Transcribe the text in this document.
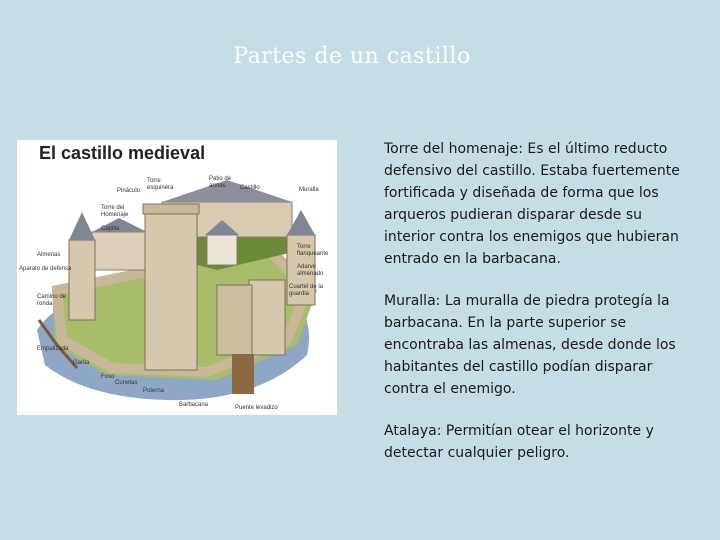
Partes de un castillo
El castillo medieval
Torre esquinera
Patio de armas	Castillo
Pináculo
Torre del Homenaje
Capilla
Almenas
Aparato de defensa
Camino de ronda
Empalizada
Garita
Foso
Cunetas
Poterna
Barbacana	Puente levadizo
Torre flanqueante
Adarve almenado
Cuartel de la guardia
Muralla

Torre del homenaje: Es el último reducto defensivo del castillo. Estaba fuertemente fortificada y diseñada de forma que los arqueros pudieran disparar desde su interior contra los enemigos que hubieran entrado en la barbacana.

Muralla: La muralla de piedra protegía la barbacana. En la parte superior se encontraba las almenas, desde donde los habitantes del castillo podían disparar contra el enemigo.

Atalaya: Permitían otear el horizonte y detectar cualquier peligro.
